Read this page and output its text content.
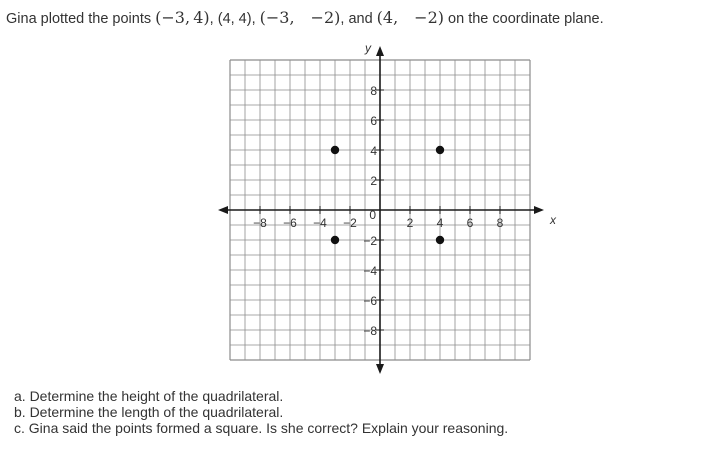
Gina plotted the points (−3, 4), (4, 4), (−3, −2), and (4, −2) on the coordinate plane.
−8 −6 −4 −2	2 4 6 8
8
6
4
2
−2
−4
−6
−8
0	x
y
a. Determine the height of the quadrilateral.
b. Determine the length of the quadrilateral.
c. Gina said the points formed a square. Is she correct? Explain your reasoning.
